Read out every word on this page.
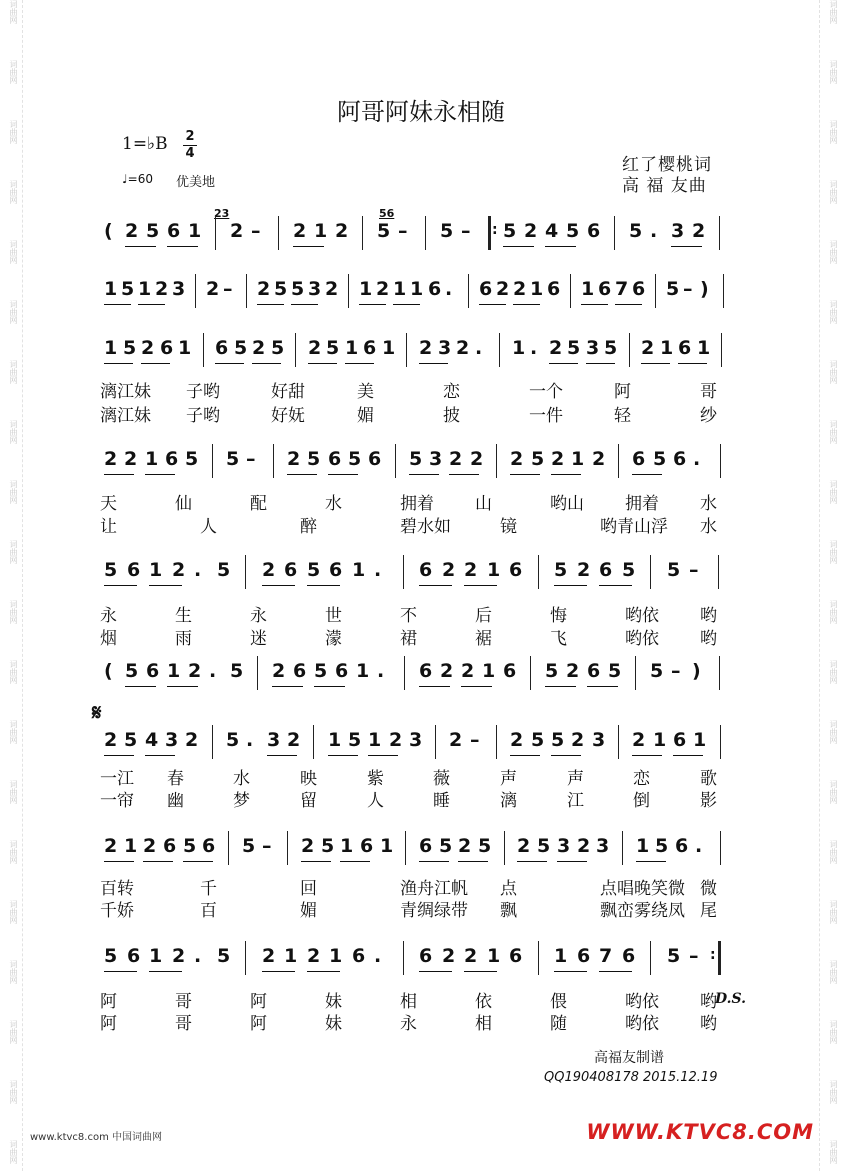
词曲网
词曲网
词曲网
词曲网
词曲网
词曲网
词曲网
词曲网
词曲网
词曲网
词曲网
词曲网
词曲网
词曲网
词曲网
词曲网
词曲网
词曲网
词曲网
词曲网
词曲网
词曲网
词曲网
词曲网
词曲网
词曲网
词曲网
词曲网
词曲网
词曲网
词曲网
词曲网
词曲网
词曲网
词曲网
词曲网
词曲网
词曲网
词曲网
词曲网
阿哥阿妹永相随
1=♭B 2
4
♩=60 优美地
红了樱桃词
高 福 友曲
23	56
( 2 5 6 1 2 – 2 1 2 5 – 5 – : 5 2 4 5 6 5 . 3 2
1 5 1 2 3 2 – 2 5 5 3 2 1 2 1 1 6 . 6 2 2 1 6 1 6 7 6 5 – )
1 5 2 6 1 6 5 2 5 2 5 1 6 1 2 3 2 . 1 . 2 5 3 5 2 1 6 1
2 2 1 6 5 5 – 2 5 6 5 6 5 3 2 2 2 5 2 1 2 6 5 6 .
5 6 1 2 . 5 2 6 5 6 1 . 6 2 2 1 6 5 2 6 5 5 –
( 5 6 1 2 . 5 2 6 5 6 1 . 6 2 2 1 6 5 2 6 5 5 – )
2 5 4 3 2 5 . 3 2 1 5 1 2 3 2 – 2 5 5 2 3 2 1 6 1
2 1 2 6 5 6 5 – 2 5 1 6 1 6 5 2 5 2 5 3 2 3 1 5 6 .
5 6 1 2 . 5 2 1 2 1 6 . 6 2 2 1 6 1 6 7 6 5 – :
漓江妹 子哟	好甜	美	恋	一个	阿	哥
漓江妹 子哟	好妩	媚	披	一件	轻	纱
天	仙	配	水	拥着 山	哟山 拥着 水
让	人	醉	碧水如	镜	哟青山浮 水
永	生	永	世	不	后	悔	哟依 哟
烟	雨	迷	濛	裙	裾	飞	哟依 哟
一江 春	水	映	紫	薇	声	声	恋	歌
一帘 幽	梦	留	人	睡	漓	江	倒	影
百转	千	回	渔舟江帆 点	点唱晚笑微 微
千娇	百	媚	青绸绿带 飘	飘峦雾绕凤 尾
阿	哥	阿	妹	相	依	偎	哟依 哟
阿	哥	阿	妹	永	相	随	哟依 哟
𝄋
D.S.
高福友制谱
QQ190408178 2015.12.19
www.ktvc8.com 中国词曲网	WWW.KTVC8.COM
